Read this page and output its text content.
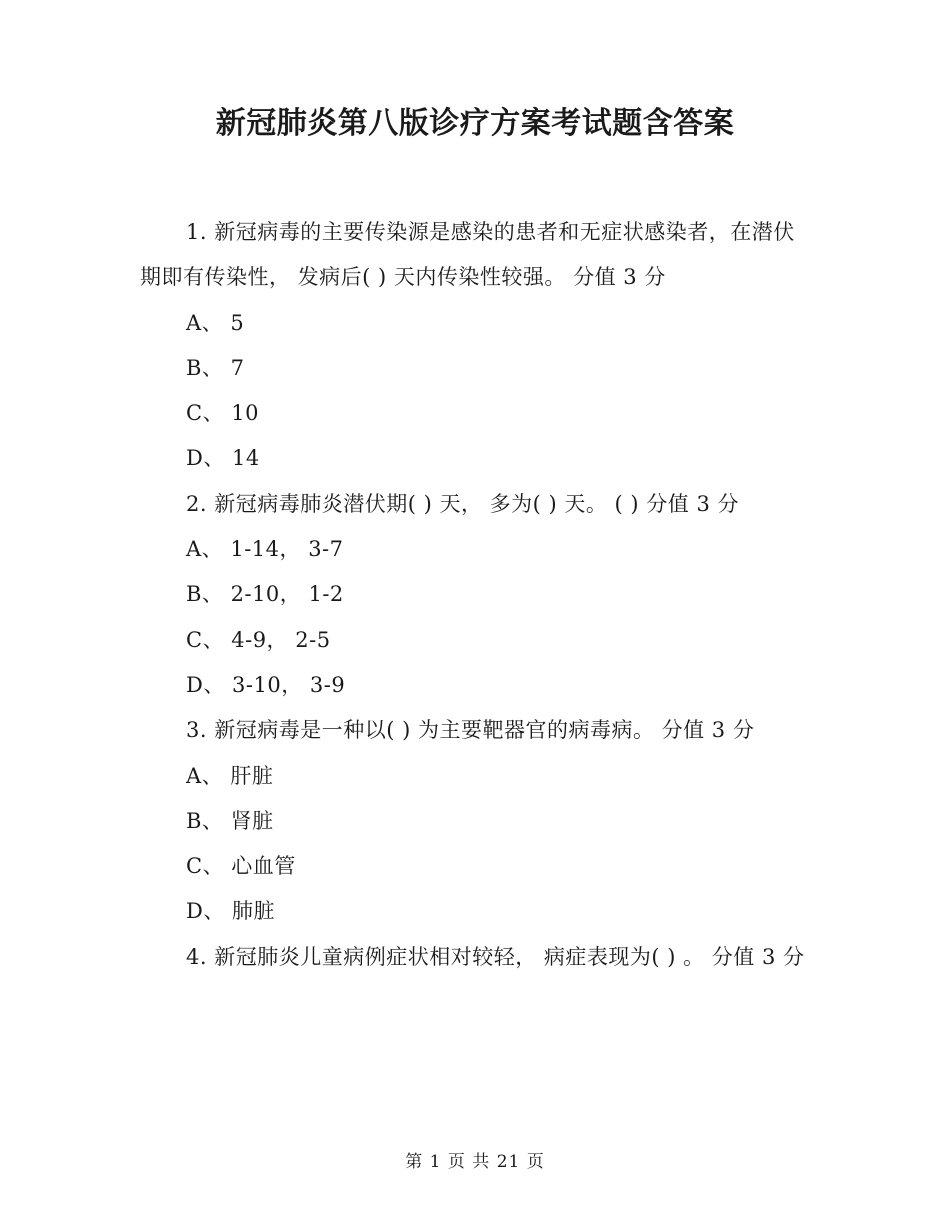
新冠肺炎第八版诊疗方案考试题含答案

1. 新冠病毒的主要传染源是感染的患者和无症状感染者，在潜伏期即有传染性， 发病后( ) 天内传染性较强。 分值 3 分

A、 5

B、 7

C、 10

D、 14

2. 新冠病毒肺炎潜伏期( ) 天， 多为( ) 天。 ( ) 分值 3 分

A、 1-14， 3-7

B、 2-10， 1-2

C、 4-9， 2-5

D、 3-10， 3-9

3. 新冠病毒是一种以( ) 为主要靶器官的病毒病。 分值 3 分

A、 肝脏

B、 肾脏

C、 心血管

D、 肺脏

4. 新冠肺炎儿童病例症状相对较轻， 病症表现为( ) 。 分值 3 分

第 1 页 共 21 页
